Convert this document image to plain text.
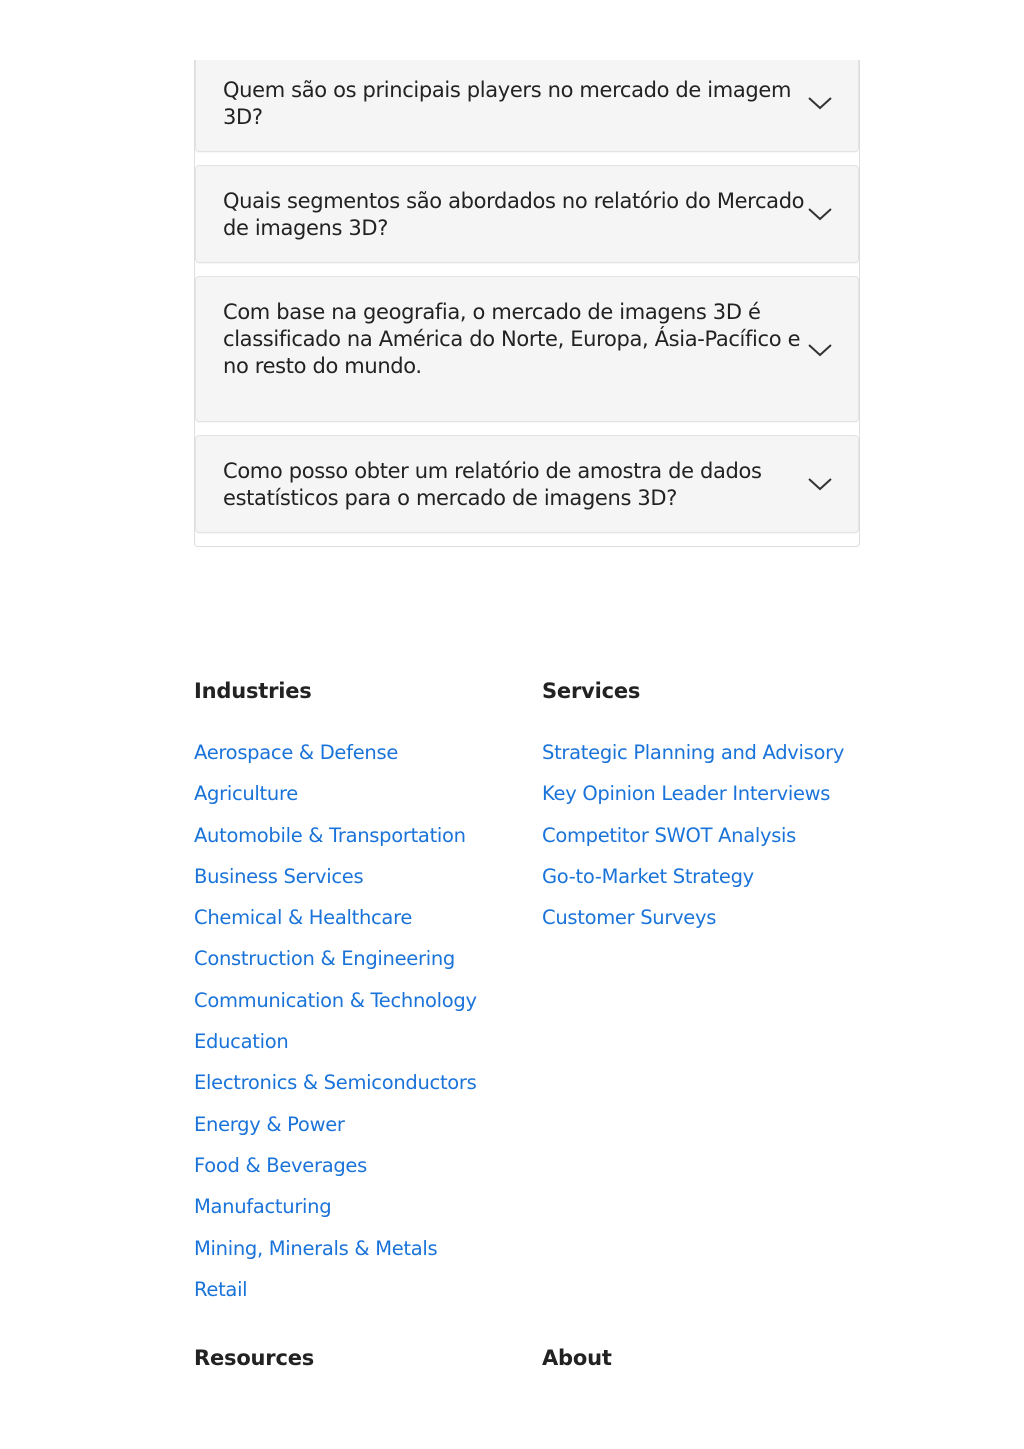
Quem são os principais players no mercado de imagem 3D?
Quais segmentos são abordados no relatório do Mercado de imagens 3D?
Com base na geografia, o mercado de imagens 3D é classificado na América do Norte, Europa, Ásia-Pacífico e no resto do mundo.
Como posso obter um relatório de amostra de dados estatísticos para o mercado de imagens 3D?
Industries
Aerospace & Defense
Agriculture
Automobile & Transportation
Business Services
Chemical & Healthcare
Construction & Engineering
Communication & Technology
Education
Electronics & Semiconductors
Energy & Power
Food & Beverages
Manufacturing
Mining, Minerals & Metals
Retail
Services
Strategic Planning and Advisory
Key Opinion Leader Interviews
Competitor SWOT Analysis
Go-to-Market Strategy
Customer Surveys
Resources	About
